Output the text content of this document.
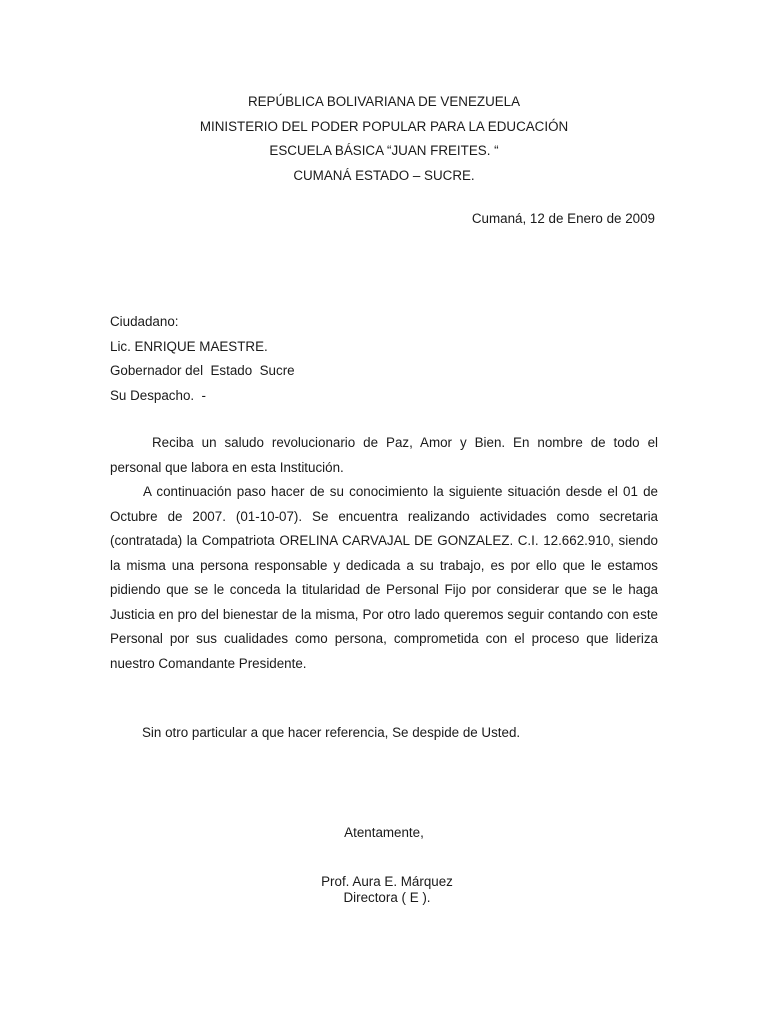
REPÚBLICA BOLIVARIANA DE VENEZUELA
MINISTERIO DEL PODER POPULAR PARA LA EDUCACIÓN
ESCUELA BÁSICA “JUAN FREITES. “
CUMANÁ ESTADO – SUCRE.
Cumaná, 12 de Enero de 2009
Ciudadano:
Lic. ENRIQUE MAESTRE.
Gobernador del  Estado  Sucre
Su Despacho.  -

Reciba un saludo revolucionario de Paz, Amor y Bien. En nombre de todo el personal que labora en esta Institución.

A continuación paso hacer de su conocimiento la siguiente situación desde el 01 de Octubre de 2007. (01-10-07). Se encuentra realizando actividades como secretaria (contratada) la Compatriota ORELINA CARVAJAL DE GONZALEZ. C.I. 12.662.910, siendo la misma una persona responsable y dedicada a su trabajo, es por ello que le estamos pidiendo que se le conceda la titularidad de Personal Fijo por considerar que se le haga Justicia en pro del bienestar de la misma, Por otro lado queremos seguir contando con este Personal por sus cualidades como persona, comprometida con el proceso que lideriza nuestro Comandante Presidente.

Sin otro particular a que hacer referencia, Se despide de Usted.
Atentamente,
Prof. Aura E. Márquez
Directora ( E ).
